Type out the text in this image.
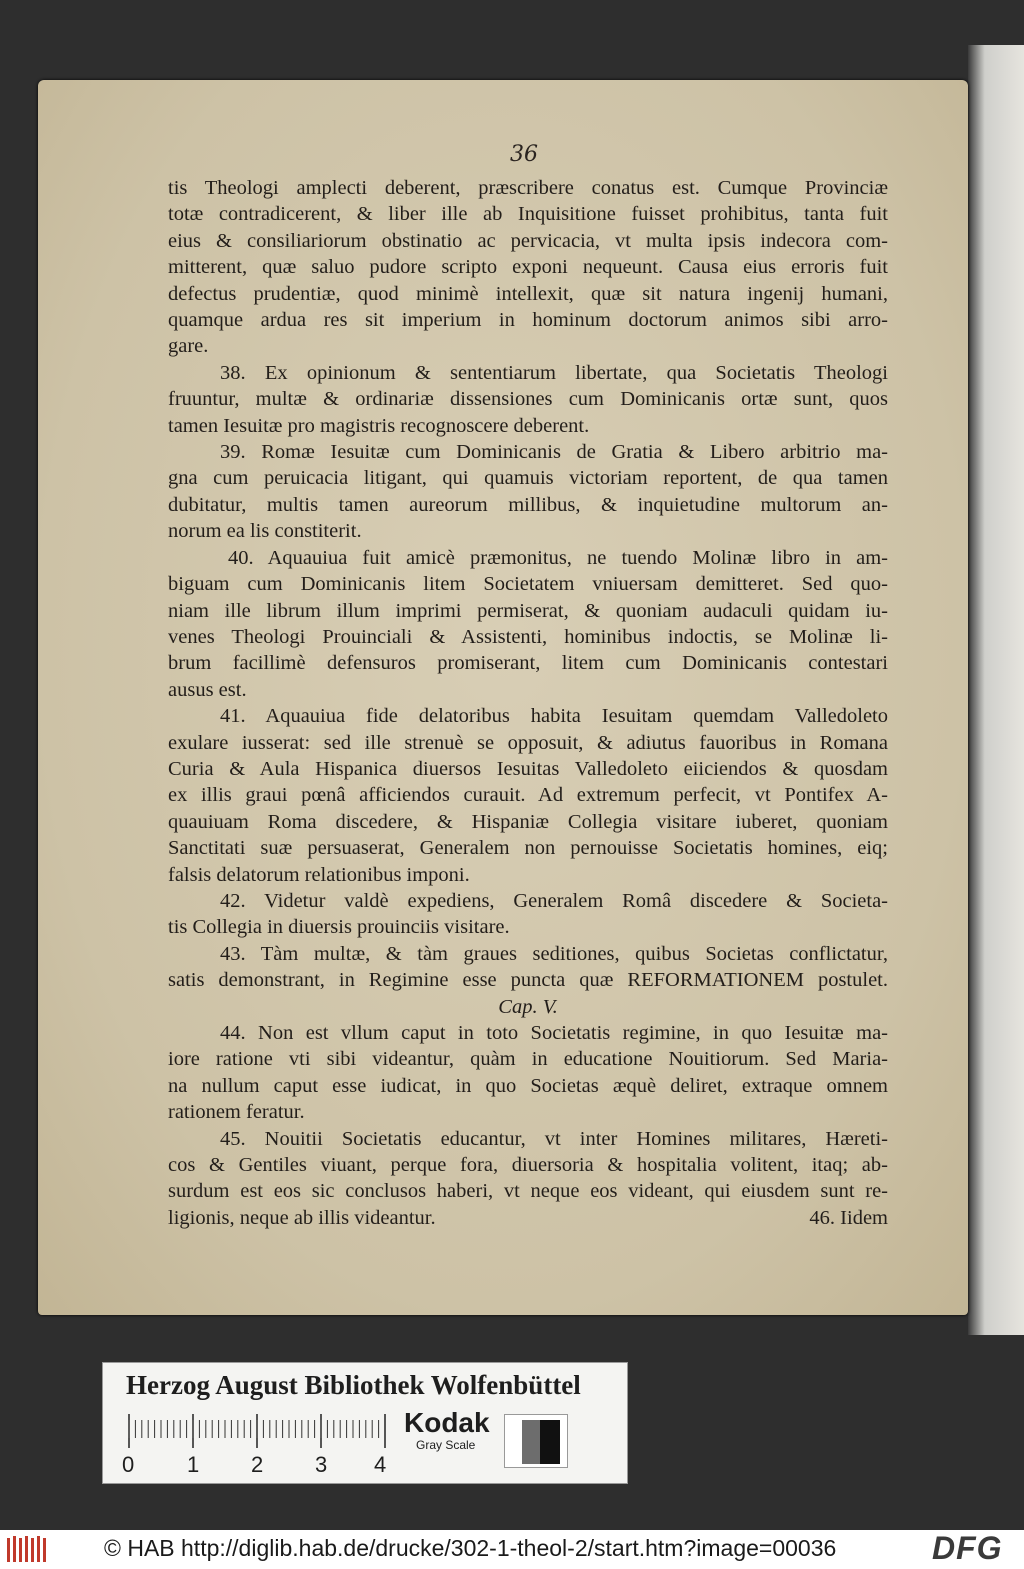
36
tis Theologi amplecti deberent, præscribere conatus est. Cumque Provinciæ
totæ contradicerent, & liber ille ab Inquisitione fuisset prohibitus, tanta fuit
eius & consiliariorum obstinatio ac pervicacia, vt multa ipsis indecora com-
mitterent, quæ saluo pudore scripto exponi nequeunt. Causa eius erroris fuit
defectus prudentiæ, quod minimè intellexit, quæ sit natura ingenij humani,
quamque ardua res sit imperium in hominum doctorum animos sibi arro-
gare.
38. Ex opinionum & sententiarum libertate, qua Societatis Theologi
fruuntur, multæ & ordinariæ dissensiones cum Dominicanis ortæ sunt, quos
tamen Iesuitæ pro magistris recognoscere deberent.
39. Romæ Iesuitæ cum Dominicanis de Gratia & Libero arbitrio ma-
gna cum peruicacia litigant, qui quamuis victoriam reportent, de qua tamen
dubitatur, multis tamen aureorum millibus, & inquietudine multorum an-
norum ea lis constiterit.
40. Aquauiua fuit amicè præmonitus, ne tuendo Molinæ libro in am-
biguam cum Dominicanis litem Societatem vniuersam demitteret. Sed quo-
niam ille librum illum imprimi permiserat, & quoniam audaculi quidam iu-
venes Theologi Prouinciali & Assistenti, hominibus indoctis, se Molinæ li-
brum facillimè defensuros promiserant, litem cum Dominicanis contestari
ausus est.
41. Aquauiua fide delatoribus habita Iesuitam quemdam Valledoleto
exulare iusserat: sed ille strenuè se opposuit, & adiutus fauoribus in Romana
Curia & Aula Hispanica diuersos Iesuitas Valledoleto eiiciendos & quosdam
ex illis graui pœnâ afficiendos curauit. Ad extremum perfecit, vt Pontifex A-
quauiuam Roma discedere, & Hispaniæ Collegia visitare iuberet, quoniam
Sanctitati suæ persuaserat, Generalem non pernouisse Societatis homines, eiq;
falsis delatorum relationibus imponi.
42. Videtur valdè expediens, Generalem Româ discedere & Societa-
tis Collegia in diuersis prouinciis visitare.
43. Tàm multæ, & tàm graues seditiones, quibus Societas conflictatur,
satis demonstrant, in Regimine esse puncta quæ REFORMATIONEM postulet.
Cap. V.
44. Non est vllum caput in toto Societatis regimine, in quo Iesuitæ ma-
iore ratione vti sibi videantur, quàm in educatione Nouitiorum. Sed Maria-
na nullum caput esse iudicat, in quo Societas æquè deliret, extraque omnem
rationem feratur.
45. Nouitii Societatis educantur, vt inter Homines militares, Hæreti-
cos & Gentiles viuant, perque fora, diuersoria & hospitalia volitent, itaq; ab-
surdum est eos sic conclusos haberi, vt neque eos videant, qui eiusdem sunt re-
ligionis, neque ab illis videantur.	46. Iidem
Herzog August Bibliothek Wolfenbüttel
0 1 2 3 4
Kodak
Gray Scale
© HAB http://diglib.hab.de/drucke/302-1-theol-2/start.htm?image=00036	DFG
